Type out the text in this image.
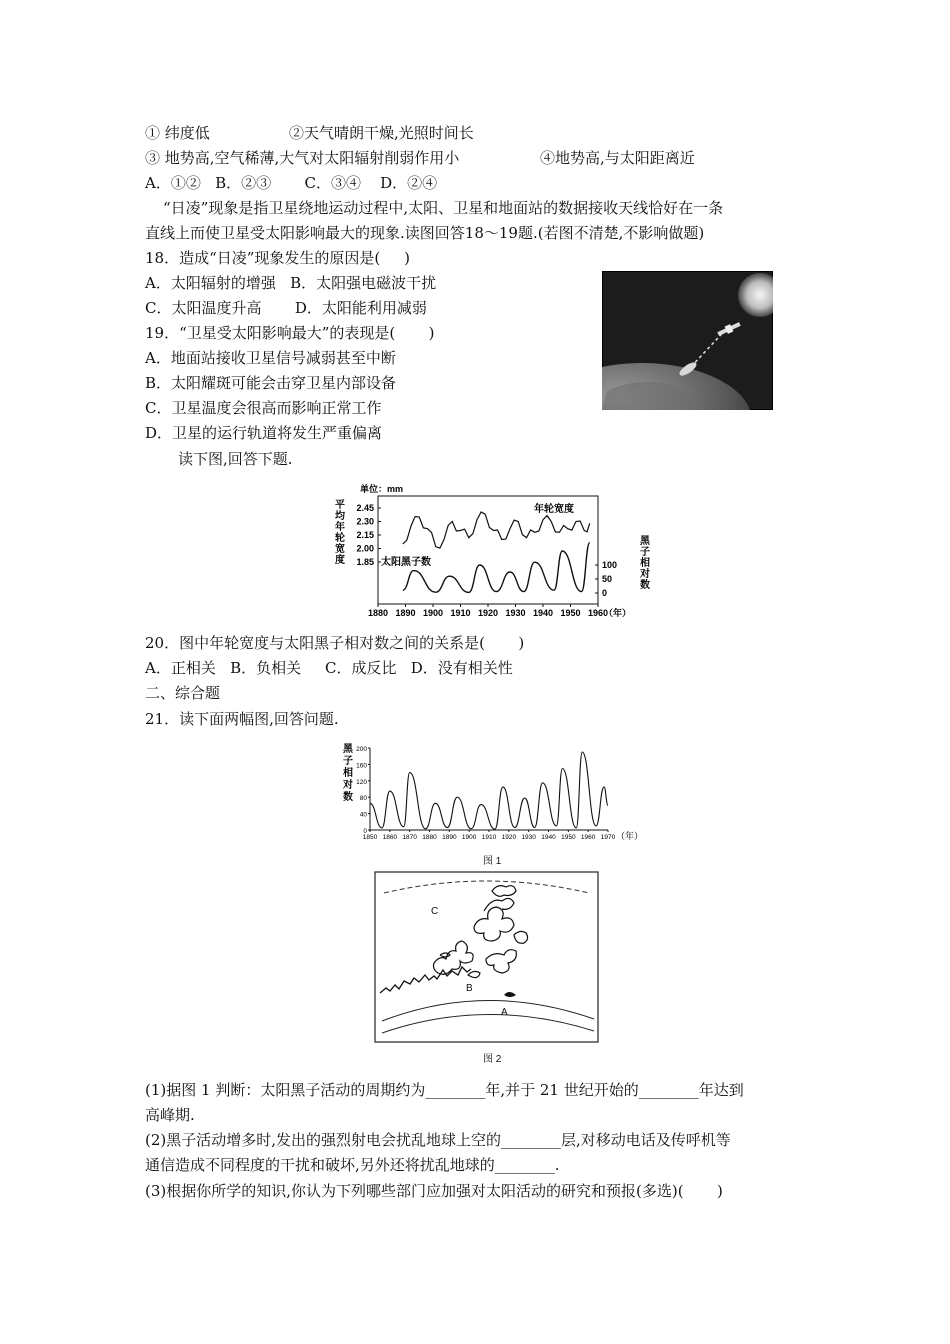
① 纬度低	②天气晴朗干燥,光照时间长
③ 地势高,空气稀薄,大气对太阳辐射削弱作用小	④地势高,与太阳距离近
A．①②   B．②③       C．③④    D．②④
“日凌”现象是指卫星绕地运动过程中,太阳、卫星和地面站的数据接收天线恰好在一条
直线上而使卫星受太阳影响最大的现象.读图回答18～19题.(若图不清楚,不影响做题)
18．造成“日凌”现象发生的原因是(     )
A．太阳辐射的增强   B．太阳强电磁波干扰
C．太阳温度升高       D．太阳能利用减弱
19．“卫星受太阳影响最大”的表现是(       )
A．地面站接收卫星信号减弱甚至中断
B．太阳耀斑可能会击穿卫星内部设备
C．卫星温度会很高而影响正常工作
D．卫星的运行轨道将发生严重偏离
读下图,回答下题.
单位：mm
平
均
年
轮
宽
度
黑
子
相
对
数
2.45
2.30
2.15
2.00
1.85	100
50
0
1880 1890 1900 1910 1920 1930 1940 1950 1960
（年）
年轮宽度
太阳黑子数
20．图中年轮宽度与太阳黑子相对数之间的关系是(       )
A．正相关   B．负相关     C．成反比   D．没有相关性
二、综合题
21．读下面两幅图,回答问题.
黑
子
相
对
数
200
160
120
80
40
0
1850 1860 1870 1880 1890 1900 1910 1920 1930 1940 1950 1960 1970 （年）
图 1
C
B
A
图 2
(1)据图 1 判断：太阳黑子活动的周期约为________年,并于 21 世纪开始的________年达到
高峰期.
(2)黑子活动增多时,发出的强烈射电会扰乱地球上空的________层,对移动电话及传呼机等
通信造成不同程度的干扰和破坏,另外还将扰乱地球的________.
(3)根据你所学的知识,你认为下列哪些部门应加强对太阳活动的研究和预报(多选)(       )
